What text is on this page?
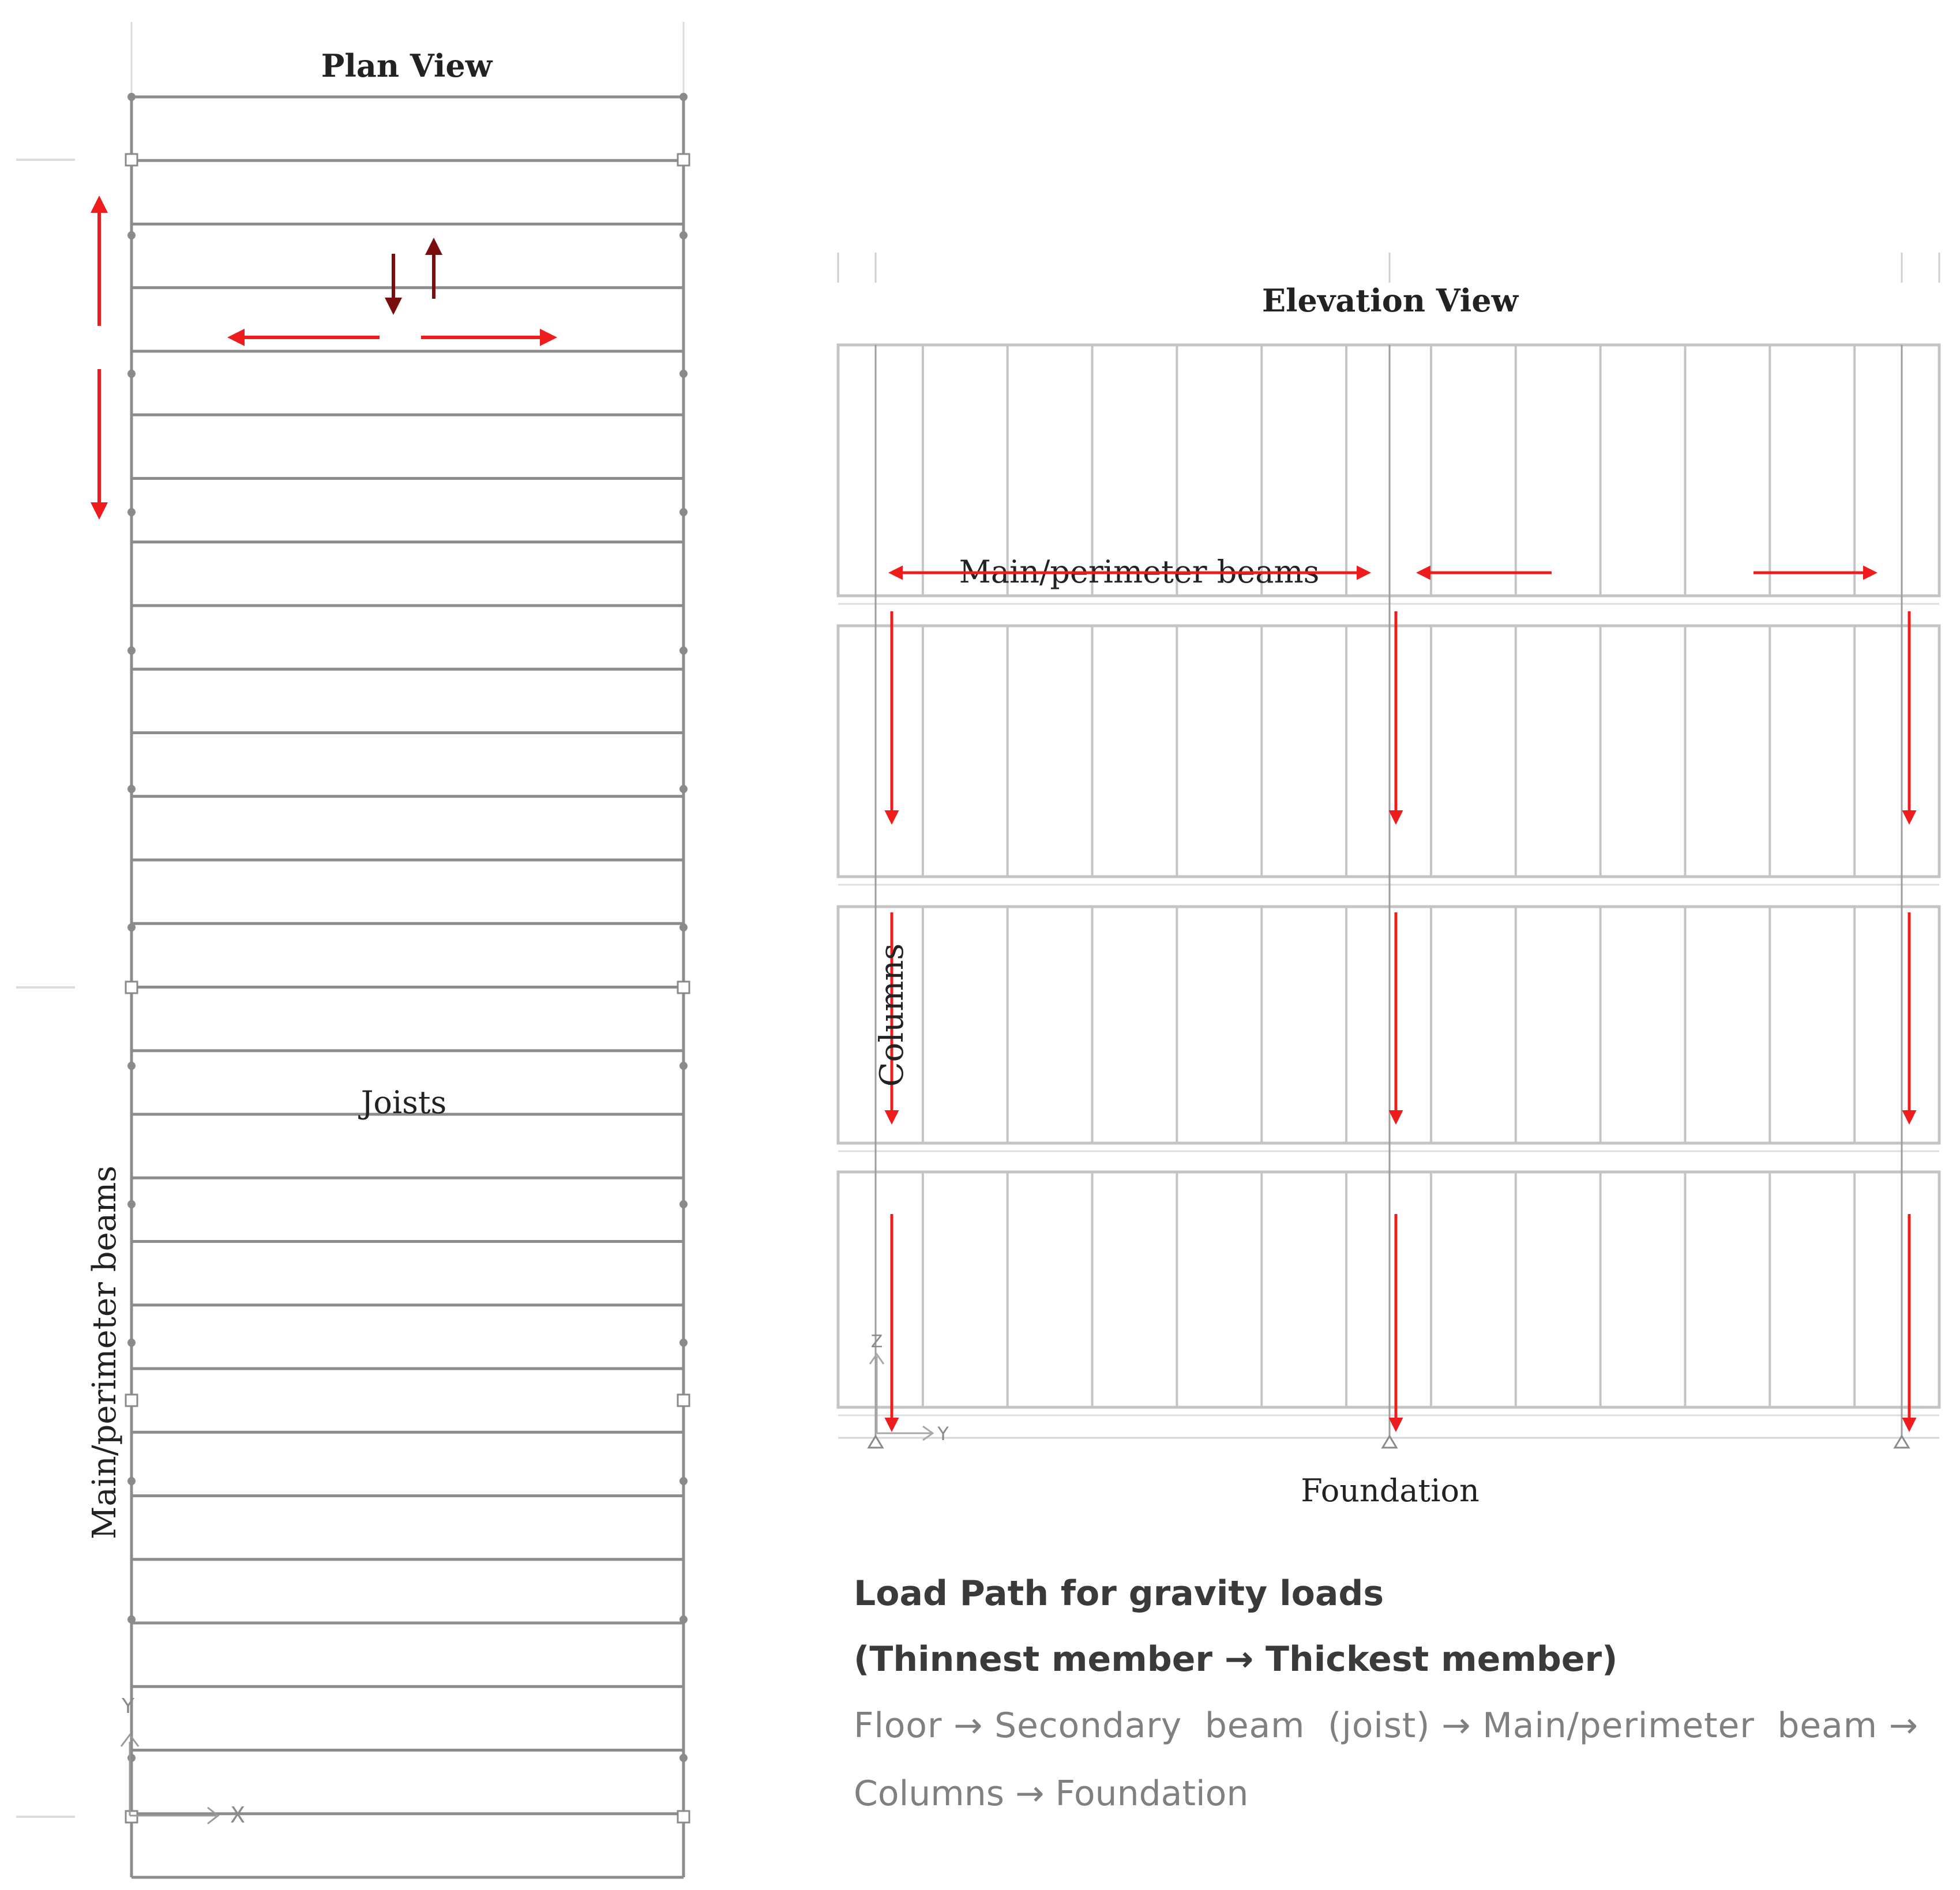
Plan View
Joists
Main/perimeter beams
Y
X
Elevation View
Main/perimeter beams
Columns
Foundation
Z
Y
Load Path for gravity loads
(Thinnest member → Thickest member)
Floor → Secondary  beam  (joist) → Main/perimeter  beam →
Columns → Foundation
